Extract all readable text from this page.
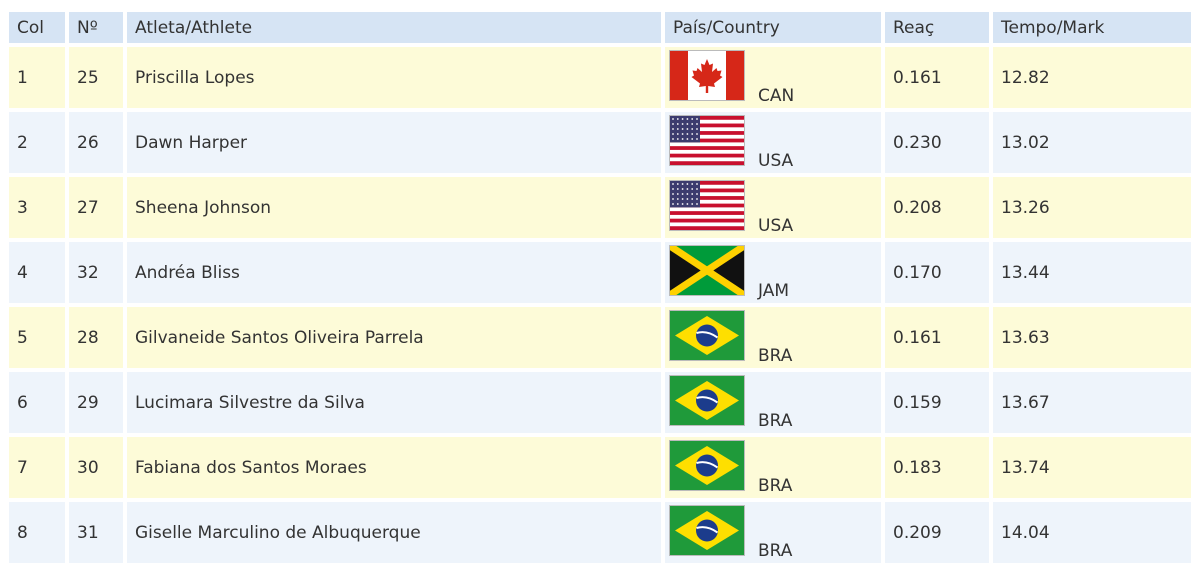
Col	Nº	Atleta/Athlete	País/Country	Reaç	Tempo/Mark
1	25	Priscilla Lopes	CAN	0.161	12.82
2	26	Dawn Harper	USA	0.230	13.02
3	27	Sheena Johnson	USA	0.208	13.26
4	32	Andréa Bliss	JAM	0.170	13.44
5	28	Gilvaneide Santos Oliveira Parrela	BRA	0.161	13.63
6	29	Lucimara Silvestre da Silva	BRA	0.159	13.67
7	30	Fabiana dos Santos Moraes	BRA	0.183	13.74
8	31	Giselle Marculino de Albuquerque	BRA	0.209	14.04
